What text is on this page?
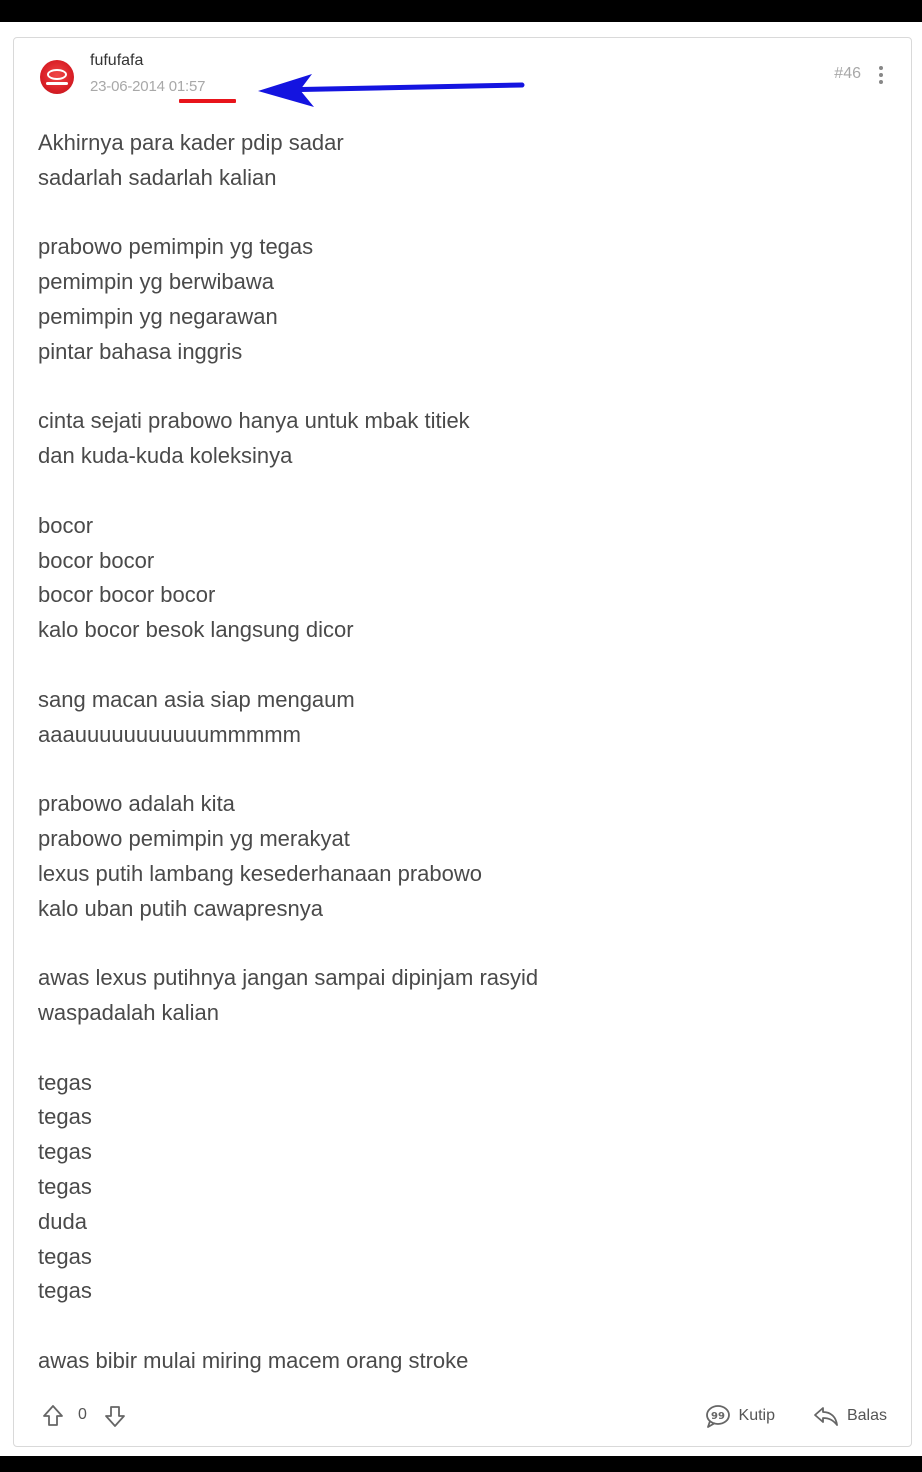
fufufafa
23-06-2014 01:57
#46
Akhirnya para kader pdip sadar
sadarlah sadarlah kalian
prabowo pemimpin yg tegas
pemimpin yg berwibawa
pemimpin yg negarawan
pintar bahasa inggris
cinta sejati prabowo hanya untuk mbak titiek
dan kuda-kuda koleksinya
bocor
bocor bocor
bocor bocor bocor
kalo bocor besok langsung dicor
sang macan asia siap mengaum
aaauuuuuuuuuuummmmm
prabowo adalah kita
prabowo pemimpin yg merakyat
lexus putih lambang kesederhanaan prabowo
kalo uban putih cawapresnya
awas lexus putihnya jangan sampai dipinjam rasyid
waspadalah kalian
tegas
tegas
tegas
tegas
duda
tegas
tegas
awas bibir mulai miring macem orang stroke
0	99 Kutip	Balas
